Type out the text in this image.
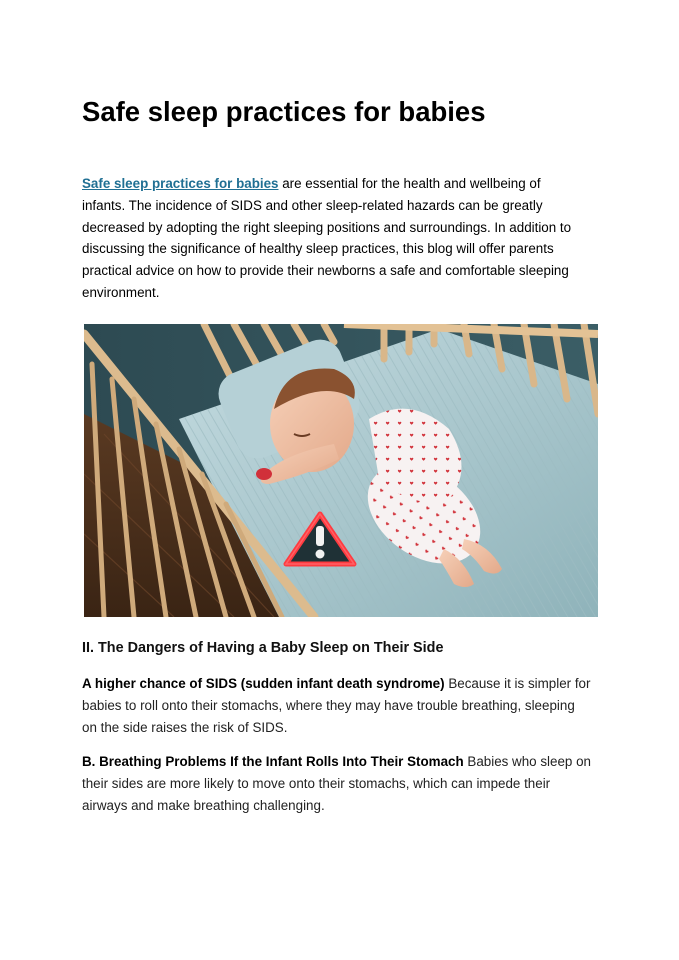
Safe sleep practices for babies

Safe sleep practices for babies are essential for the health and wellbeing of infants. The incidence of SIDS and other sleep-related hazards can be greatly decreased by adopting the right sleeping positions and surroundings. In addition to discussing the significance of healthy sleep practices, this blog will offer parents practical advice on how to provide their newborns a safe and comfortable sleeping environment.

II. The Dangers of Having a Baby Sleep on Their Side

A higher chance of SIDS (sudden infant death syndrome) Because it is simpler for babies to roll onto their stomachs, where they may have trouble breathing, sleeping on the side raises the risk of SIDS.

B. Breathing Problems If the Infant Rolls Into Their Stomach Babies who sleep on their sides are more likely to move onto their stomachs, which can impede their airways and make breathing challenging.
